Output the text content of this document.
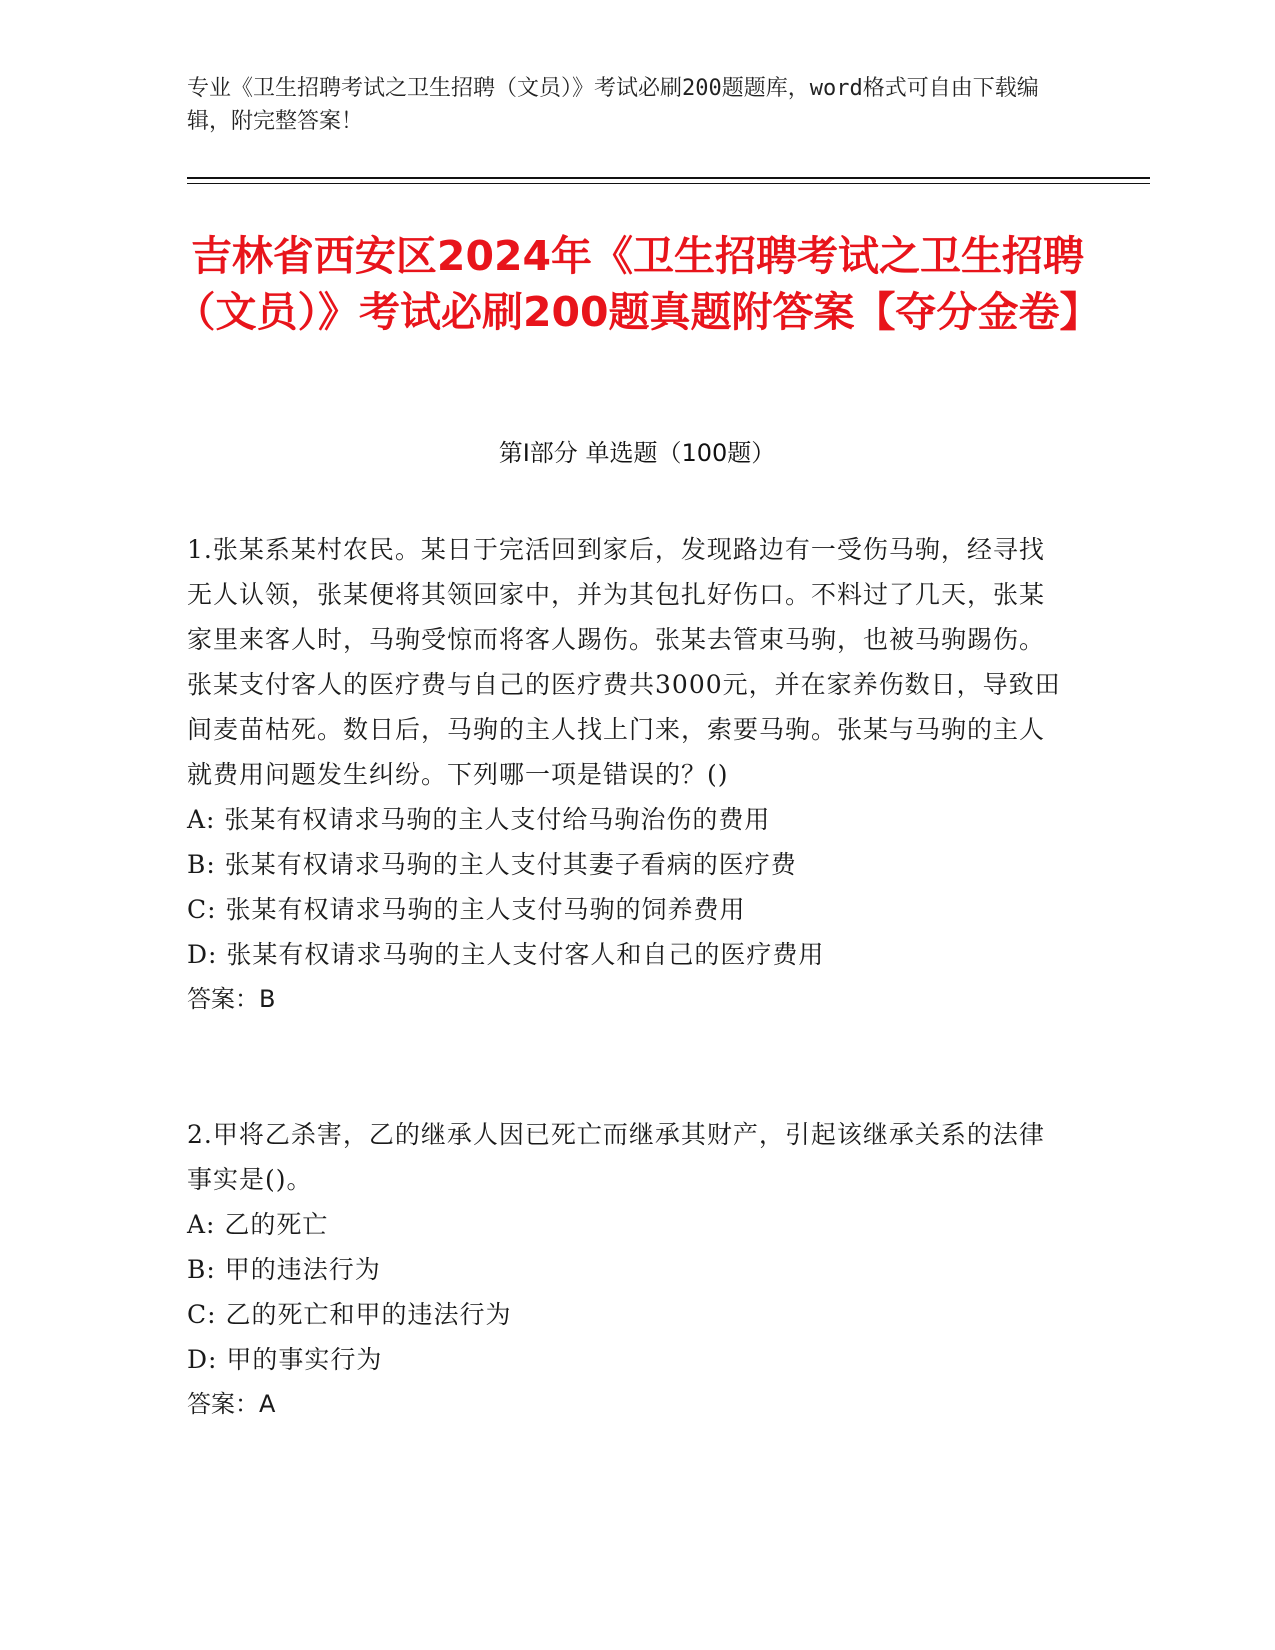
专业《卫生招聘考试之卫生招聘（文员）》考试必刷200题题库，word格式可自由下载编辑，附完整答案！
吉林省西安区2024年《卫生招聘考试之卫生招聘（文员）》考试必刷200题真题附答案【夺分金卷】
第I部分 单选题（100题）

1.张某系某村农民。某日于完活回到家后，发现路边有一受伤马驹，经寻找无人认领，张某便将其领回家中，并为其包扎好伤口。不料过了几天，张某家里来客人时，马驹受惊而将客人踢伤。张某去管束马驹，也被马驹踢伤。张某支付客人的医疗费与自己的医疗费共3000元，并在家养伤数日，导致田间麦苗枯死。数日后，马驹的主人找上门来，索要马驹。张某与马驹的主人就费用问题发生纠纷。下列哪一项是错误的？()

A: 张某有权请求马驹的主人支付给马驹治伤的费用

B: 张某有权请求马驹的主人支付其妻子看病的医疗费

C: 张某有权请求马驹的主人支付马驹的饲养费用

D: 张某有权请求马驹的主人支付客人和自己的医疗费用

答案：B

2.甲将乙杀害，乙的继承人因已死亡而继承其财产，引起该继承关系的法律事实是()。

A: 乙的死亡

B: 甲的违法行为

C: 乙的死亡和甲的违法行为

D: 甲的事实行为

答案：A
